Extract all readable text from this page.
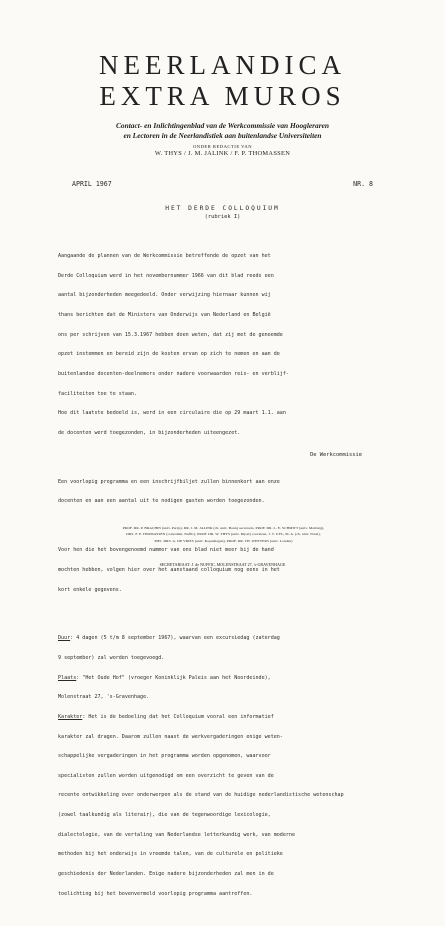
NEERLANDICA
EXTRA MUROS
Contact- en Inlichtingenblad van de Werkcommissie van Hoogleraren
en Lectoren in de Neerlandistiek aan buitenlandse Universiteiten
ONDER REDACTIE VAN
W. THYS / J. M. JALINK / F. P. THOMASSEN
APRIL 1967	NR. 8
HET DERDE COLLOQUIUM
(rubriek I)

Aangaande de plannen van de Werkcommissie betreffende de opzet van het

Derde Colloquium werd in het novembernummer 1966 van dit blad reeds een

aantal bijzonderheden meegedeeld. Onder verwijzing hiernaar kunnen wij

thans berichten dat de Ministers van Onderwijs van Nederland en België

ons per schrijven van 15.3.1967 hebben doen weten, dat zij met de genoemde

opzet instemmen en bereid zijn de kosten ervan op zich te nemen en aan de

buitenlandse docenten-deelnemers onder nadere voorwaarden reis- en verblijf-

faciliteiten toe te staan.

Hoe dit laatste bedoeld is, werd in een circulaire die op 29 maart 1.1. aan

de docenten werd toegezonden, in bijzonderheden uiteengezet.

Een voorlopig programma en een inschrijfbiljet zullen binnenkort aan onze

docenten en aan een aantal uit te nodigen gasten worden toegezonden.

Voor hen die het bovengenoemd nummer van ons blad niet meer bij de hand

mochten hebben, volgen hier over het aanstaand colloquium nog eens in het

kort enkele gegevens.

Duur: 4 dagen (5 t/m 8 september 1967), waarvan een excursiedag (zaterdag

9 september) zal worden toegevoegd.

Plaats: "Het Oude Hof" (vroeger Koninklijk Paleis aan het Noordeinde),

Molenstraat 27, 's-Gravenhage.

Karakter: Het is de bedoeling dat het Colloquium vooral een informatief

karakter zal dragen. Daarom zullen naast de werkvergaderingen enige weten-

schappelijke vergaderingen in het programma worden opgenomen, waarvoor

specialisten zullen worden uitgenodigd om een overzicht te geven van de

recente ontwikkeling over onderwerpen als de stand van de huidige nederlandistische wetenschap

(zowel taalkundig als literair), die van de tegenwoordige lexicologie,

dialectologie, van de vertaling van Nederlandse letterkundig werk, van moderne

methoden bij het onderwijs in vreemde talen, van de culturele en politieke

geschiedenis der Nederlanden. Enige nadere bijzonderheden zal men in de

toelichting bij het bovenvermeld voorlopig programma aantreffen.

De Werkcommissie
PROF. DR. P. BRACHIN (univ. Parijs), DR. J. M. JALINK (ch. univ. Bonn) secretaris, PROF. DR. L. E. SCHMITT (univ. Marburg),
DRS. F. P. THOMASSEN (rotterdam, Nuffic), PROF. DR. W. THYS (univ. Rijsel) voorzitter, J. T. UYL, M. A. (ch. univ. Natal),
MEJ. DRS. G. DE VRIES (univ. Kopenhagen), PROF. DR. TH. WEEVERS (univ. Londen)
SECRETARIAAT: J. de NUFFIC, MOLENSTRAAT 27, 's-GRAVENHAGE
